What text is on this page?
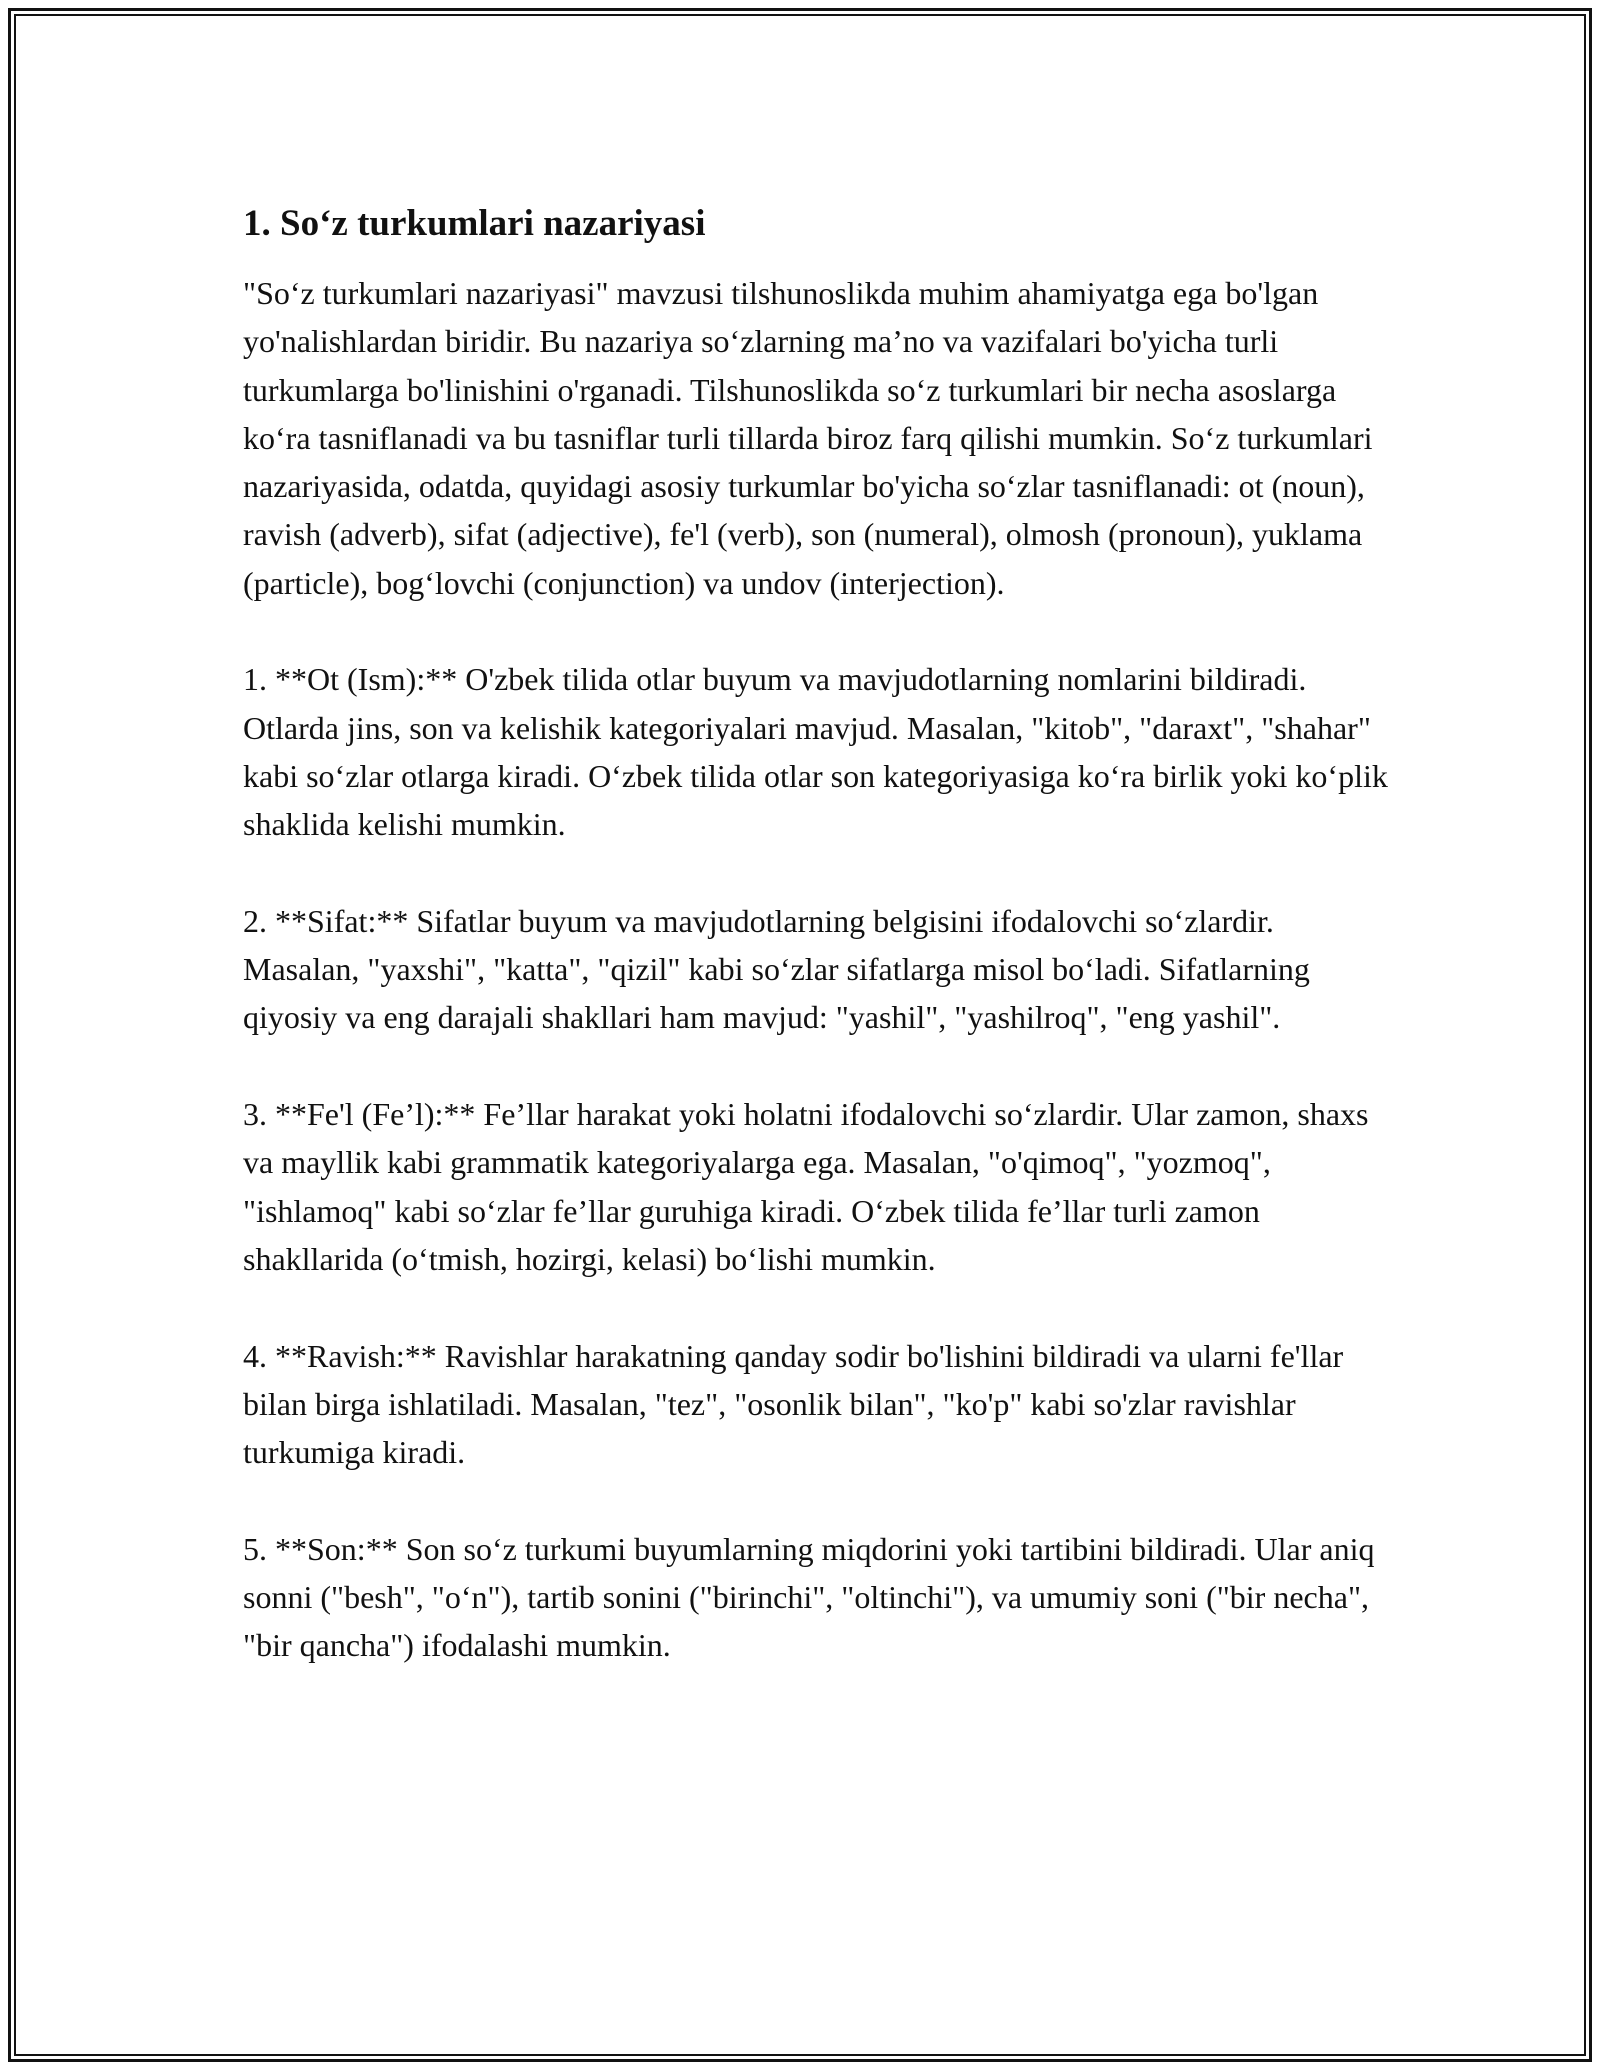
1. So‘z turkumlari nazariyasi

"So‘z turkumlari nazariyasi" mavzusi tilshunoslikda muhim ahamiyatga ega bo'lgan yo'nalishlardan biridir. Bu nazariya so‘zlarning ma’no va vazifalari bo'yicha turli turkumlarga bo'linishini o'rganadi. Tilshunoslikda so‘z turkumlari bir necha asoslarga ko‘ra tasniflanadi va bu tasniflar turli tillarda biroz farq qilishi mumkin. So‘z turkumlari nazariyasida, odatda, quyidagi asosiy turkumlar bo'yicha so‘zlar tasniflanadi: ot (noun), ravish (adverb), sifat (adjective), fe'l (verb), son (numeral), olmosh (pronoun), yuklama (particle), bog‘lovchi (conjunction) va undov (interjection).

1. **Ot (Ism):** O'zbek tilida otlar buyum va mavjudotlarning nomlarini bildiradi. Otlarda jins, son va kelishik kategoriyalari mavjud. Masalan, "kitob", "daraxt", "shahar" kabi so‘zlar otlarga kiradi. O‘zbek tilida otlar son kategoriyasiga ko‘ra birlik yoki ko‘plik shaklida kelishi mumkin.

2. **Sifat:** Sifatlar buyum va mavjudotlarning belgisini ifodalovchi so‘zlardir. Masalan, "yaxshi", "katta", "qizil" kabi so‘zlar sifatlarga misol bo‘ladi. Sifatlarning qiyosiy va eng darajali shakllari ham mavjud: "yashil", "yashilroq", "eng yashil".

3. **Fe'l (Fe’l):** Fe’llar harakat yoki holatni ifodalovchi so‘zlardir. Ular zamon, shaxs va mayllik kabi grammatik kategoriyalarga ega. Masalan, "o'qimoq", "yozmoq", "ishlamoq" kabi so‘zlar fe’llar guruhiga kiradi. O‘zbek tilida fe’llar turli zamon shakllarida (o‘tmish, hozirgi, kelasi) bo‘lishi mumkin.

4. **Ravish:** Ravishlar harakatning qanday sodir bo'lishini bildiradi va ularni fe'llar bilan birga ishlatiladi. Masalan, "tez", "osonlik bilan", "ko'p" kabi so'zlar ravishlar turkumiga kiradi.

5. **Son:** Son so‘z turkumi buyumlarning miqdorini yoki tartibini bildiradi. Ular aniq sonni ("besh", "o‘n"), tartib sonini ("birinchi", "oltinchi"), va umumiy soni ("bir necha", "bir qancha") ifodalashi mumkin.
